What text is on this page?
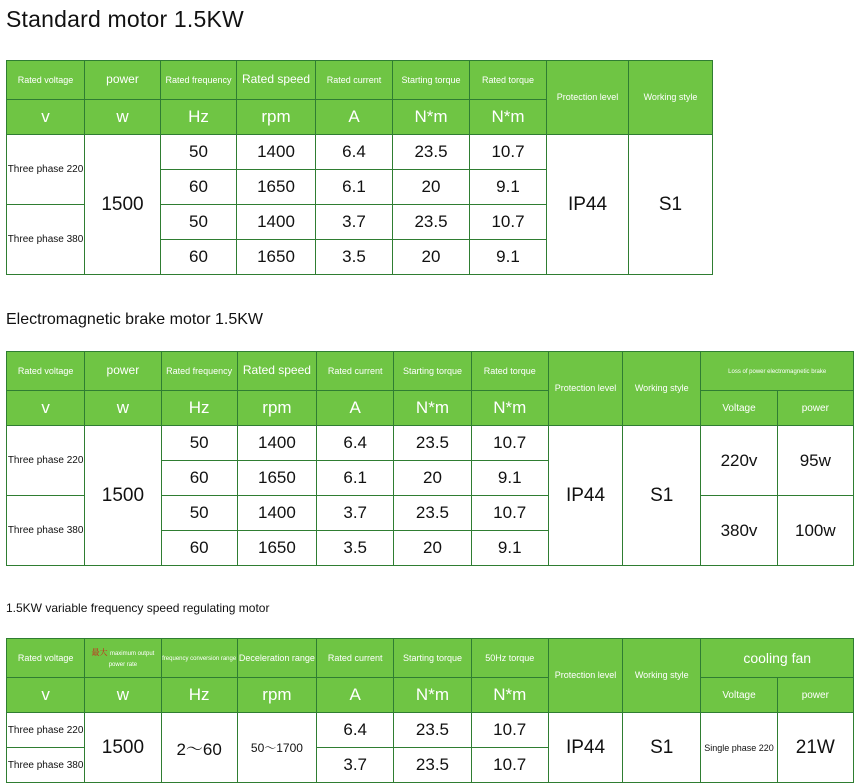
Standard motor 1.5KW
Rated voltage	power	Rated frequency	Rated speed	Rated current	Starting torque	Rated torque	Protection level	Working style
v	w	Hz	rpm	A	N*m	N*m		
Three phase 220	1500	50	1400	6.4	23.5	10.7	IP44	S1
		60	1650	6.1	20	9.1		
Three phase 380		50	1400	3.7	23.5	10.7		
		60	1650	3.5	20	9.1		
Electromagnetic brake motor 1.5KW
Rated voltage	power	Rated frequency	Rated speed	Rated current	Starting torque	Rated torque	Protection level	Working style	Loss of power electromagnetic brake	
v	w	Hz	rpm	A	N*m	N*m			Voltage	power
Three phase 220	1500	50	1400	6.4	23.5	10.7	IP44	S1	220v	95w
		60	1650	6.1	20	9.1				
Three phase 380		50	1400	3.7	23.5	10.7			380v	100w
		60	1650	3.5	20	9.1				
1.5KW variable frequency speed regulating motor
Rated voltage	最大 maximum output power rate	frequency conversion range	Deceleration range	Rated current	Starting torque	50Hz torque	Protection level	Working style	cooling fan	
v	w	Hz	rpm	A	N*m	N*m			Voltage	power
Three phase 220	1500	2～60	50～1700	6.4	23.5	10.7	IP44	S1	Single phase 220	21W
Three phase 380				3.7	23.5	10.7				
